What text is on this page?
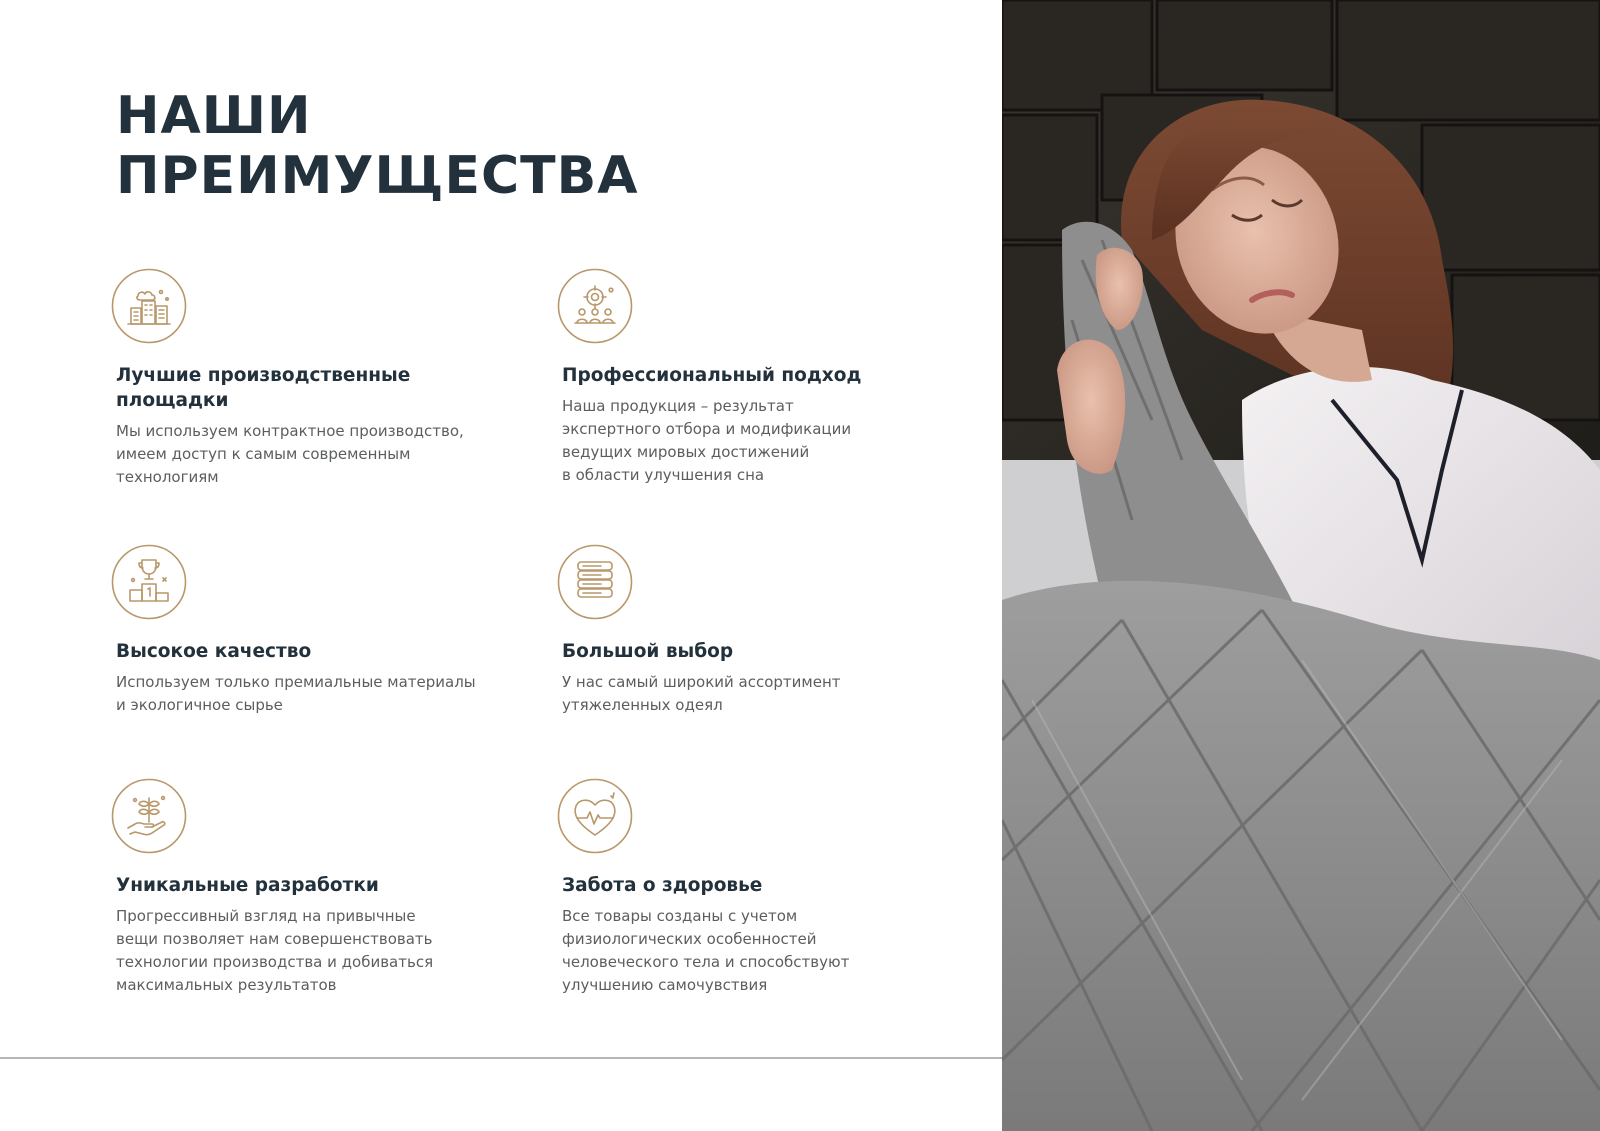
НАШИ
ПРЕИМУЩЕСТВА
Лучшие производственные
площадки
Мы используем контрактное производство,
имеем доступ к самым современным
технологиям
Профессиональный подход
Наша продукция – результат
экспертного отбора и модификации
ведущих мировых достижений
в области улучшения сна
Высокое качество
Используем только премиальные материалы
и экологичное сырье
Большой выбор
У нас самый широкий ассортимент
утяжеленных одеял
Уникальные разработки
Прогрессивный взгляд на привычные
вещи позволяет нам совершенствовать
технологии производства и добиваться
максимальных результатов
Забота о здоровье
Все товары созданы с учетом
физиологических особенностей
человеческого тела и способствуют
улучшению самочувствия
